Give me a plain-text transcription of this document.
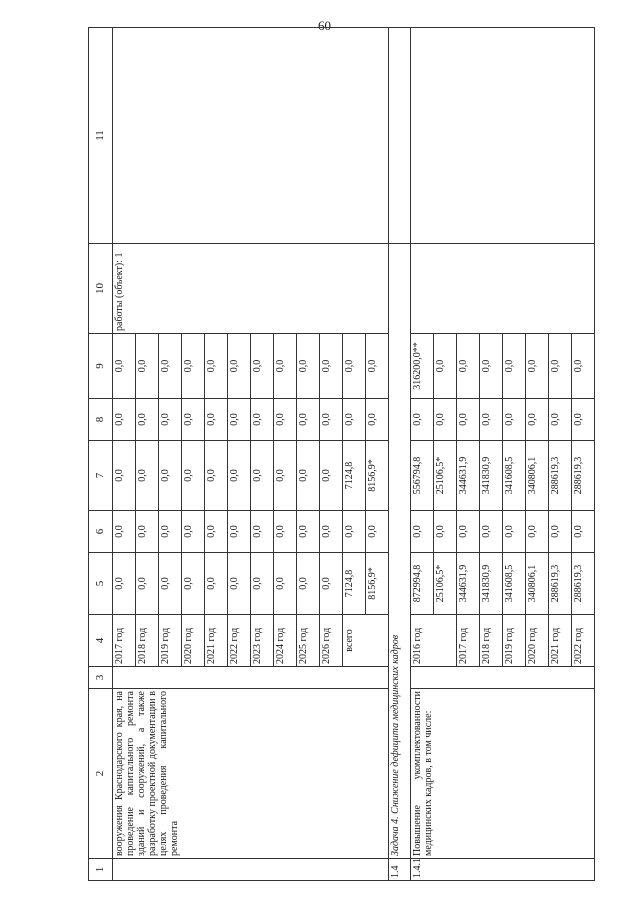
60
1	2	3	4	5	6	7	8	9	10	11
	вооружения Краснодарского края, на проведение капитального ремонта зданий и сооружений, а также разработку проектной документации в целях проведения капитального ремонта		2017 год	0,0	0,0	0,0	0,0	0,0	работы (объект): 1	
			2018 год	0,0	0,0	0,0	0,0	0,0		
			2019 год	0,0	0,0	0,0	0,0	0,0		
			2020 год	0,0	0,0	0,0	0,0	0,0		
			2021 год	0,0	0,0	0,0	0,0	0,0		
			2022 год	0,0	0,0	0,0	0,0	0,0		
			2023 год	0,0	0,0	0,0	0,0	0,0		
			2024 год	0,0	0,0	0,0	0,0	0,0		
			2025 год	0,0	0,0	0,0	0,0	0,0		
			2026 год	0,0	0,0	0,0	0,0	0,0		
			всего	7124,8	0,0	7124,8	0,0	0,0		
				8156,9*	0,0	8156,9*	0,0	0,0		
1.4	Задача 4. Снижение дефицита медицинских кадров									
1.4.1	Повышение укомплектованности медицинских кадров, в том числе:		2016 год	872994,8	0,0	556794,8	0,0	316200,0**		
				25106,5*	0,0	25106,5*	0,0	0,0		
			2017 год	344631,9	0,0	344631,9	0,0	0,0		
			2018 год	341830,9	0,0	341830,9	0,0	0,0		
			2019 год	341608,5	0,0	341608,5	0,0	0,0		
			2020 год	340806,1	0,0	340806,1	0,0	0,0		
			2021 год	288619,3	0,0	288619,3	0,0	0,0		
			2022 год	288619,3	0,0	288619,3	0,0	0,0		
